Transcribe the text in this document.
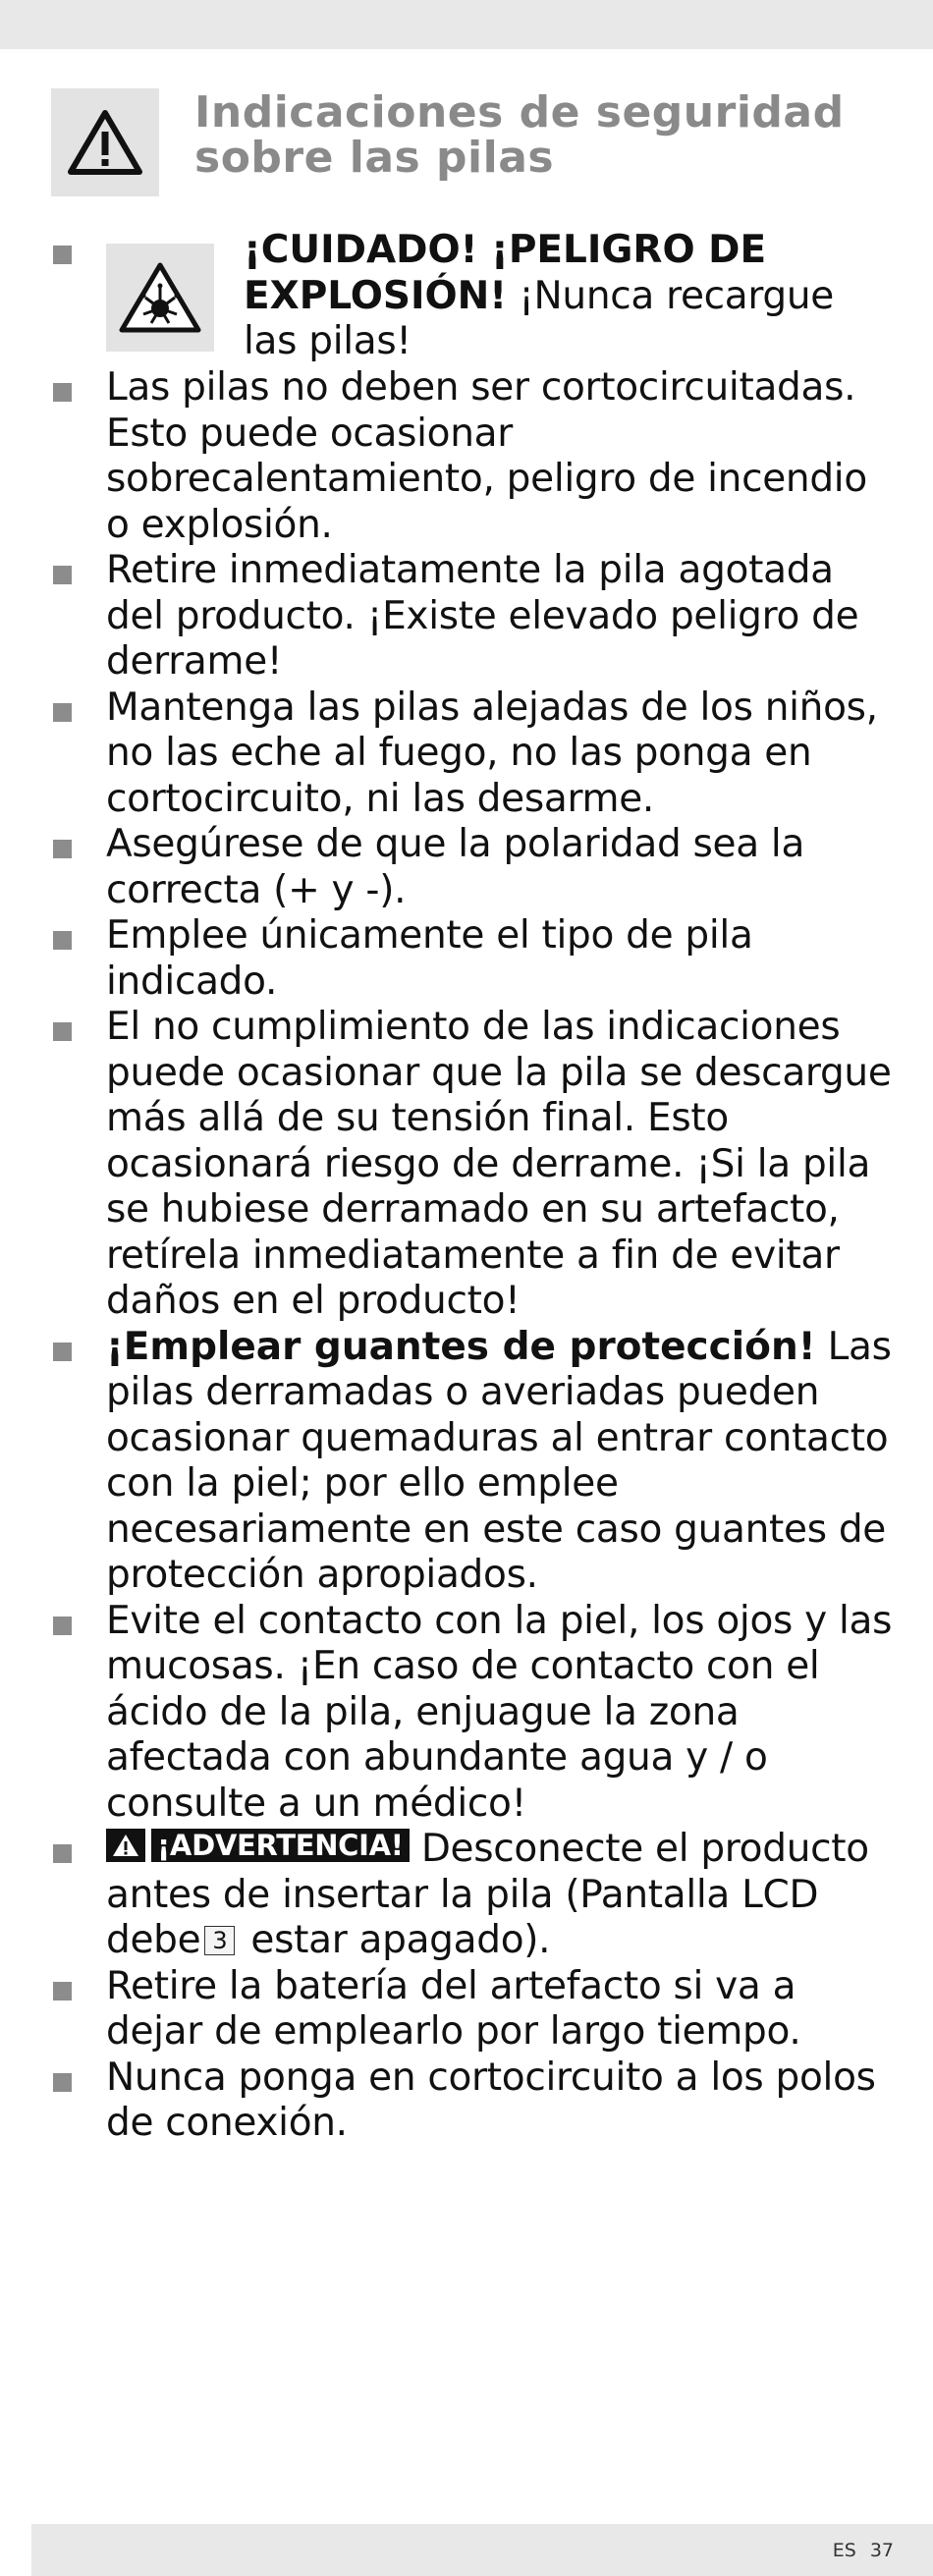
Indicaciones de seguridad
sobre las pilas
¡CUIDADO! ¡PELIGRO DE EXPLOSIÓN! ¡Nunca recargue las pilas!
Las pilas no deben ser cortocircuitadas. Esto puede ocasionar sobrecalentamiento, peligro de incendio o explosión.
Retire inmediatamente la pila agotada del producto. ¡Existe elevado peligro de derrame!
Mantenga las pilas alejadas de los niños, no las eche al fuego, no las ponga en cortocircuito, ni las desarme.
Asegúrese de que la polaridad sea la correcta (+ y -).
Emplee únicamente el tipo de pila indicado.
El no cumplimiento de las indicaciones puede ocasionar que la pila se descargue más allá de su tensión final. Esto ocasionará riesgo de derrame. ¡Si la pila se hubiese derramado en su artefacto, retírela inmediatamente a fin de evitar daños en el producto!
¡Emplear guantes de protección! Las pilas derramadas o averiadas pueden ocasionar quemaduras al entrar contacto con la piel; por ello emplee necesariamente en este caso guantes de protección apropiados.
Evite el contacto con la piel, los ojos y las mucosas. ¡En caso de contacto con el ácido de la pila, enjuague la zona afectada con abundante agua y / o consulte a un médico!
¡ADVERTENCIA! Desconecte el producto antes de insertar la pila (Pantalla LCD debe 3 estar apagado).
Retire la batería del artefacto si va a dejar de emplearlo por largo tiempo.
Nunca ponga en cortocircuito a los polos de conexión.
ES 37
